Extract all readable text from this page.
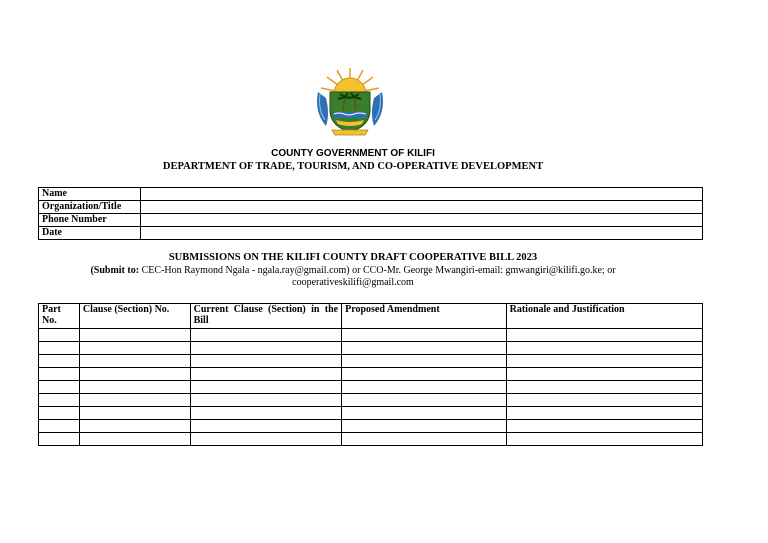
COUNTY GOVERNMENT OF KILIFI
DEPARTMENT OF TRADE, TOURISM, AND CO-OPERATIVE DEVELOPMENT
Name	
Organization/Title	
Phone Number	
Date	
SUBMISSIONS ON THE KILIFI COUNTY DRAFT COOPERATIVE BILL 2023
(Submit to: CEC-Hon Raymond Ngala - ngala.ray@gmail.com) or CCO-Mr. George Mwangiri-email: gmwangiri@kilifi.go.ke; or cooperativeskilifi@gmail.com
Part No.	Clause (Section) No.	Current Clause (Section) in the Bill	Proposed Amendment	Rationale and Justification
